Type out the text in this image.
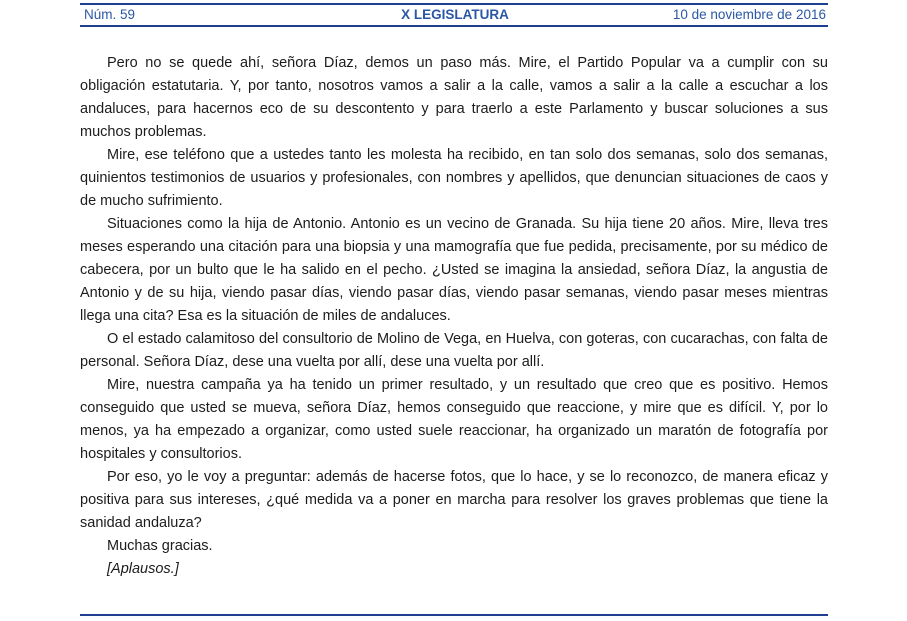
Núm. 59	X LEGISLATURA	10 de noviembre de 2016

Pero no se quede ahí, señora Díaz, demos un paso más. Mire, el Partido Popular va a cumplir con su obligación estatutaria. Y, por tanto, nosotros vamos a salir a la calle, vamos a salir a la calle a escuchar a los andaluces, para hacernos eco de su descontento y para traerlo a este Parlamento y buscar soluciones a sus muchos problemas.

Mire, ese teléfono que a ustedes tanto les molesta ha recibido, en tan solo dos semanas, solo dos semanas, quinientos testimonios de usuarios y profesionales, con nombres y apellidos, que denuncian situaciones de caos y de mucho sufrimiento.

Situaciones como la hija de Antonio. Antonio es un vecino de Granada. Su hija tiene 20 años. Mire, lleva tres meses esperando una citación para una biopsia y una mamografía que fue pedida, precisamente, por su médico de cabecera, por un bulto que le ha salido en el pecho. ¿Usted se imagina la ansiedad, señora Díaz, la angustia de Antonio y de su hija, viendo pasar días, viendo pasar días, viendo pasar semanas, viendo pasar meses mientras llega una cita? Esa es la situación de miles de andaluces.

O el estado calamitoso del consultorio de Molino de Vega, en Huelva, con goteras, con cucarachas, con falta de personal. Señora Díaz, dese una vuelta por allí, dese una vuelta por allí.

Mire, nuestra campaña ya ha tenido un primer resultado, y un resultado que creo que es positivo. Hemos conseguido que usted se mueva, señora Díaz, hemos conseguido que reaccione, y mire que es difícil. Y, por lo menos, ya ha empezado a organizar, como usted suele reaccionar, ha organizado un maratón de fotografía por hospitales y consultorios.

Por eso, yo le voy a preguntar: además de hacerse fotos, que lo hace, y se lo reconozco, de manera eficaz y positiva para sus intereses, ¿qué medida va a poner en marcha para resolver los graves problemas que tiene la sanidad andaluza?

Muchas gracias.

[Aplausos.]
